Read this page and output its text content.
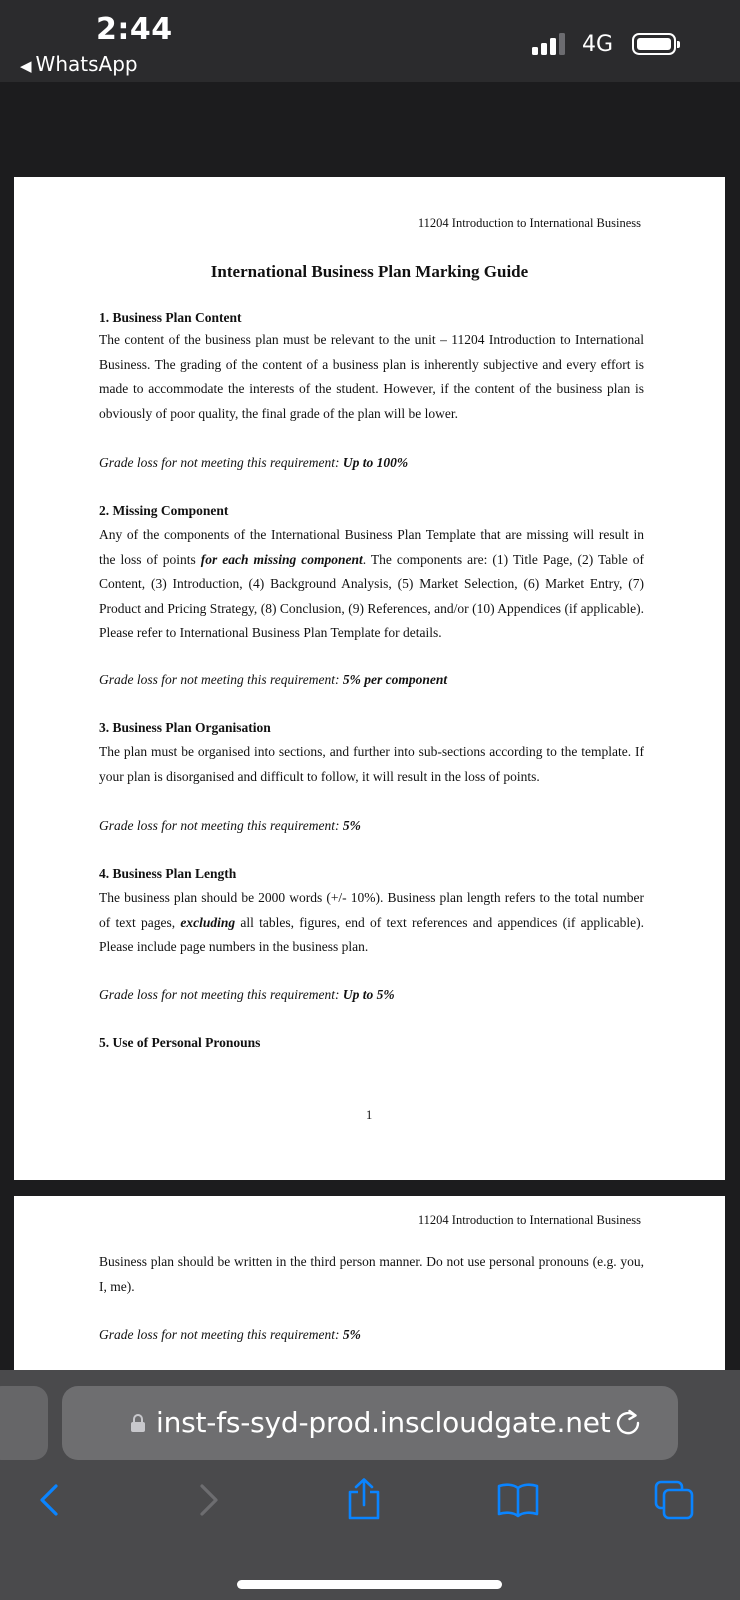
2:44
◀ WhatsApp
4G
11204 Introduction to International Business
International Business Plan Marking Guide
1. Business Plan Content

The content of the business plan must be relevant to the unit – 11204 Introduction to International Business. The grading of the content of a business plan is inherently subjective and every effort is made to accommodate the interests of the student. However, if the content of the business plan is obviously of poor quality, the final grade of the plan will be lower.

Grade loss for not meeting this requirement: Up to 100%
2. Missing Component

Any of the components of the International Business Plan Template that are missing will result in the loss of points for each missing component. The components are: (1) Title Page, (2) Table of Content, (3) Introduction, (4) Background Analysis, (5) Market Selection, (6) Market Entry, (7) Product and Pricing Strategy, (8) Conclusion, (9) References, and/or (10) Appendices (if applicable). Please refer to International Business Plan Template for details.

Grade loss for not meeting this requirement: 5% per component
3. Business Plan Organisation

The plan must be organised into sections, and further into sub-sections according to the template. If your plan is disorganised and difficult to follow, it will result in the loss of points.

Grade loss for not meeting this requirement: 5%
4. Business Plan Length

The business plan should be 2000 words (+/- 10%). Business plan length refers to the total number of text pages, excluding all tables, figures, end of text references and appendices (if applicable). Please include page numbers in the business plan.

Grade loss for not meeting this requirement: Up to 5%
5. Use of Personal Pronouns
1
11204 Introduction to International Business

Business plan should be written in the third person manner. Do not use personal pronouns (e.g. you, I, me).

Grade loss for not meeting this requirement: 5%
inst-fs-syd-prod.inscloudgate.net
